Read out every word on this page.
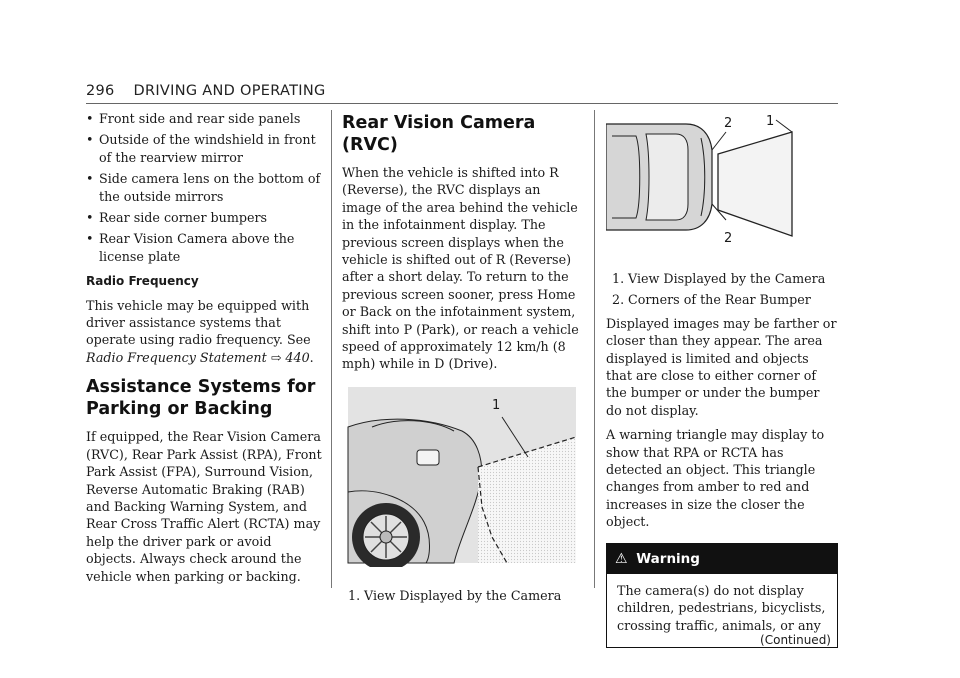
296 DRIVING AND OPERATING
• Front side and rear side panels
• Outside of the windshield in front of the rearview mirror
• Side camera lens on the bottom of the outside mirrors
• Rear side corner bumpers
• Rear Vision Camera above the license plate
Radio Frequency

This vehicle may be equipped with driver assistance systems that operate using radio frequency. See Radio Frequency Statement ⇨ 440.

Assistance Systems for
Parking or Backing

If equipped, the Rear Vision Camera (RVC), Rear Park Assist (RPA), Front Park Assist (FPA), Surround Vision, Reverse Automatic Braking (RAB) and Backing Warning System, and Rear Cross Traffic Alert (RCTA) may help the driver park or avoid objects. Always check around the vehicle when parking or backing.

Rear Vision Camera (RVC)

When the vehicle is shifted into R (Reverse), the RVC displays an image of the area behind the vehicle in the infotainment display. The previous screen displays when the vehicle is shifted out of R (Reverse) after a short delay. To return to the previous screen sooner, press Home or Back on the infotainment system, shift into P (Park), or reach a vehicle speed of approximately 12 km/h (8 mph) while in D (Drive).

1
1. View Displayed by the Camera
2	1
2
1. View Displayed by the Camera
2. Corners of the Rear Bumper

Displayed images may be farther or closer than they appear. The area displayed is limited and objects that are close to either corner of the bumper or under the bumper do not display.

A warning triangle may display to show that RPA or RCTA has detected an object. This triangle changes from amber to red and increases in size the closer the object.

⚠ Warning
The camera(s) do not display children, pedestrians, bicyclists, crossing traffic, animals, or any
(Continued)
